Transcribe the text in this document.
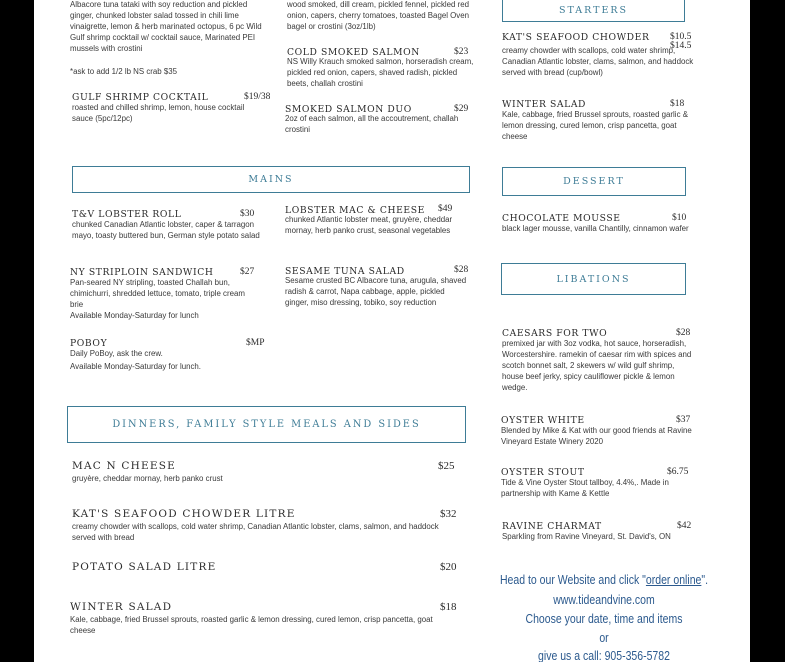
Albacore tuna tataki with soy reduction and pickled ginger, chunked lobster salad tossed in chili lime vinaigrette, lemon & herb marinated octopus, 6 pc Wild Gulf shrimp cocktail w/ cocktail sauce, Marinated PEI mussels with crostini
*ask to add 1/2 lb NS crab $35
wood smoked, dill cream, pickled fennel, pickled red onion, capers, cherry tomatoes, toasted Bagel Oven bagel or crostini (3oz/1lb)
GULF SHRIMP COCKTAIL	$19/38
roasted and chilled shrimp, lemon, house cocktail sauce (5pc/12pc)
COLD SMOKED SALMON	$23
NS Willy Krauch smoked salmon, horseradish cream, pickled red onion, capers, shaved radish, pickled beets, challah crostini
SMOKED SALMON DUO	$29
2oz of each salmon, all the accoutrement, challah crostini
STARTERS
KAT'S SEAFOOD CHOWDER $10.5
$14.5
creamy chowder with scallops, cold water shrimp, Canadian Atlantic lobster, clams, salmon, and haddock served with bread (cup/bowl)
WINTER SALAD	$18
Kale, cabbage, fried Brussel sprouts, roasted garlic & lemon dressing, cured lemon, crisp pancetta, goat cheese
MAINS	DESSERT
T&V LOBSTER ROLL	$30
chunked Canadian Atlantic lobster, caper & tarragon mayo, toasty buttered bun, German style potato salad
LOBSTER MAC & CHEESE $49
chunked Atlantic lobster meat, gruyère, cheddar mornay, herb panko crust, seasonal vegetables
NY STRIPLOIN SANDWICH	$27
Pan-seared NY stripling, toasted Challah bun, chimichurri, shredded lettuce, tomato, triple cream brie
Available Monday-Saturday for lunch
SESAME TUNA SALAD	$28
Sesame crusted BC Albacore tuna, arugula, shaved radish & carrot, Napa cabbage, apple, pickled ginger, miso dressing, tobiko, soy reduction
POBOY	$MP
Daily PoBoy, ask the crew.
Available Monday-Saturday for lunch.
CHOCOLATE MOUSSE	$10
black lager mousse, vanilla Chantilly, cinnamon wafer
LIBATIONS
CAESARS FOR TWO	$28
premixed jar with 3oz vodka, hot sauce, horseradish, Worcestershire. ramekin of caesar rim with spices and scotch bonnet salt, 2 skewers w/ wild gulf shrimp, house beef jerky, spicy cauliflower pickle & lemon wedge.
OYSTER WHITE	$37
Blended by Mike & Kat with our good friends at Ravine Vineyard Estate Winery 2020
OYSTER STOUT	$6.75
Tide & Vine Oyster Stout tallboy, 4.4%,. Made in partnership with Kame & Kettle
RAVINE CHARMAT	$42
Sparkling from Ravine Vineyard, St. David's, ON
DINNERS, FAMILY STYLE MEALS AND SIDES
MAC N CHEESE	$25
gruyère, cheddar mornay, herb panko crust
KAT'S SEAFOOD CHOWDER LITRE	$32
creamy chowder with scallops, cold water shrimp, Canadian Atlantic lobster, clams, salmon, and haddock served with bread
POTATO SALAD LITRE	$20
WINTER SALAD	$18
Kale, cabbage, fried Brussel sprouts, roasted garlic & lemon dressing, cured lemon, crisp pancetta, goat cheese
Head to our Website and click "order online".
www.tideandvine.com
Choose your date, time and items
or
give us a call: 905-356-5782
